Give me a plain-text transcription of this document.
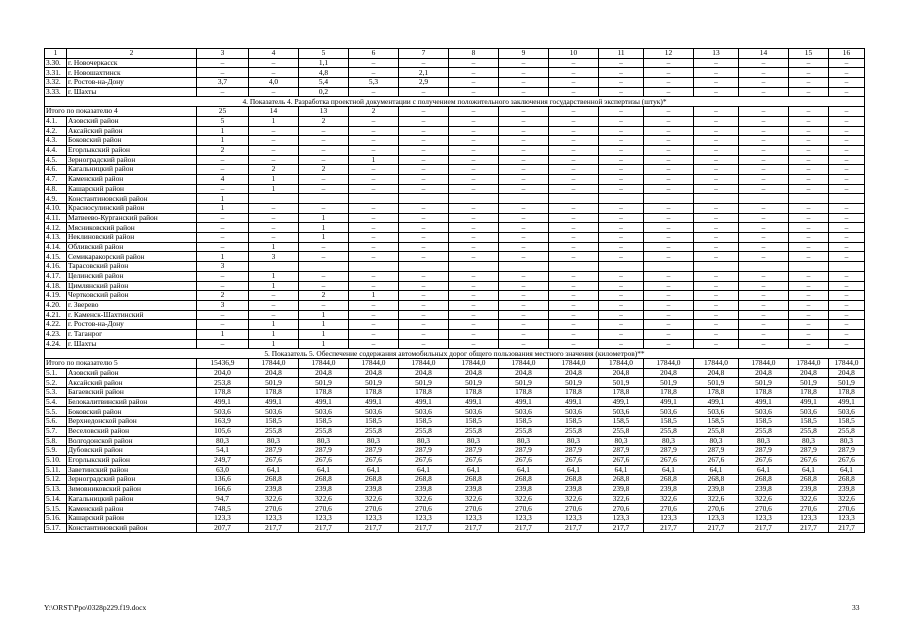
1	2	3	4	5	6	7	8	9	10	11	12	13	14	15	16
3.30.	г. Новочеркасск	–	–	1,1	–	–	–	–	–	–	–	–	–	–	–
3.31.	г. Новошахтинск	–	–	4,8	–	2,1	–	–	–	–	–	–	–	–	–
3.32.	г. Ростов-на-Дону	3,7	4,0	5,4	5,3	2,9	–	–	–	–	–	–	–	–	–
3.33.	г. Шахты	–	–	0,2	–	–	–	–	–	–	–	–	–	–	–
4. Показатель 4. Разработка проектной документации с получением положительного заключения государственной экспертизы (штук)*															
Итого по показателю 4		25	14	13	2	–	–	–	–	–	–	–	–	–	–
4.1.	Азовский район	5	1	2	–	–	–	–	–	–	–	–	–	–	–
4.2.	Аксайский район	1	–	–	–	–	–	–	–	–	–	–	–	–	–
4.3.	Боковский район	1	–	–	–	–	–	–	–	–	–	–	–	–	–
4.4.	Егорлыкский район	2	–	–	–	–	–	–	–	–	–	–	–	–	–
4.5.	Зерноградский район	–	–	–	1	–	–	–	–	–	–	–	–	–	–
4.6.	Кагальницкий район	–	2	2	–	–	–	–	–	–	–	–	–	–	–
4.7.	Каменский район	4	1	–	–	–	–	–	–	–	–	–	–	–	–
4.8.	Кашарский район	–	1	–	–	–	–	–	–	–	–	–	–	–	–
4.9.	Константиновский район	1													
4.10.	Красносулинский район	1	–	–	–	–	–	–	–	–	–	–	–	–	–
4.11.	Матвеево-Курганский район	–	–	1	–	–	–	–	–	–	–	–	–	–	–
4.12.	Мясниковский район	–	–	1	–	–	–	–	–	–	–	–	–	–	–
4.13.	Неклиновский район	–	–	1	–	–	–	–	–	–	–	–	–	–	–
4.14.	Обливский район	–	1	–	–	–	–	–	–	–	–	–	–	–	–
4.15.	Семикаракорский район	1	3	–	–	–	–	–	–	–	–	–	–	–	–
4.16.	Тарасовский район	3													
4.17.	Целинский район	–	1	–	–	–	–	–	–	–	–	–	–	–	–
4.18.	Цимлянский район	–	1	–	–	–	–	–	–	–	–	–	–	–	–
4.19.	Чертковский район	2	–	2	1	–	–	–	–	–	–	–	–	–	–
4.20.	г. Зверево	3	–	–	–	–	–	–	–	–	–	–	–	–	–
4.21.	г. Каменск-Шахтинский	–	–	1	–	–	–	–	–	–	–	–	–	–	–
4.22.	г. Ростов-на-Дону	–	1	1	–	–	–	–	–	–	–	–	–	–	–
4.23.	г. Таганрог	1	1	1	–	–	–	–	–	–	–	–	–	–	–
4.24.	г. Шахты	–	1	1	–	–	–	–	–	–	–	–	–	–	–
5. Показатель 5. Обеспечение содержания автомобильных дорог общего пользования местного значения (километров)**															
Итого по показателю 5		15436,9	17844,0	17844,0	17844,0	17844,0	17844,0	17844,0	17844,0	17844,0	17844,0	17844,0	17844,0	17844,0	17844,0
5.1.	Азовский район	204,0	204,8	204,8	204,8	204,8	204,8	204,8	204,8	204,8	204,8	204,8	204,8	204,8	204,8
5.2.	Аксайский район	253,8	501,9	501,9	501,9	501,9	501,9	501,9	501,9	501,9	501,9	501,9	501,9	501,9	501,9
5.3.	Багаевский район	178,8	178,8	178,8	178,8	178,8	178,8	178,8	178,8	178,8	178,8	178,8	178,8	178,8	178,8
5.4.	Белокалитвинский район	499,1	499,1	499,1	499,1	499,1	499,1	499,1	499,1	499,1	499,1	499,1	499,1	499,1	499,1
5.5.	Боковский район	503,6	503,6	503,6	503,6	503,6	503,6	503,6	503,6	503,6	503,6	503,6	503,6	503,6	503,6
5.6.	Верхнедонской район	163,9	158,5	158,5	158,5	158,5	158,5	158,5	158,5	158,5	158,5	158,5	158,5	158,5	158,5
5.7.	Веселовский район	105,6	255,8	255,8	255,8	255,8	255,8	255,8	255,8	255,8	255,8	255,8	255,8	255,8	255,8
5.8.	Волгодонской район	80,3	80,3	80,3	80,3	80,3	80,3	80,3	80,3	80,3	80,3	80,3	80,3	80,3	80,3
5.9.	Дубовский район	54,1	287,9	287,9	287,9	287,9	287,9	287,9	287,9	287,9	287,9	287,9	287,9	287,9	287,9
5.10.	Егорлыкский район	249,7	267,6	267,6	267,6	267,6	267,6	267,6	267,6	267,6	267,6	267,6	267,6	267,6	267,6
5.11.	Заветинский район	63,0	64,1	64,1	64,1	64,1	64,1	64,1	64,1	64,1	64,1	64,1	64,1	64,1	64,1
5.12.	Зерноградский район	136,6	268,8	268,8	268,8	268,8	268,8	268,8	268,8	268,8	268,8	268,8	268,8	268,8	268,8
5.13.	Зимовниковский район	166,6	239,8	239,8	239,8	239,8	239,8	239,8	239,8	239,8	239,8	239,8	239,8	239,8	239,8
5.14.	Кагальницкий район	94,7	322,6	322,6	322,6	322,6	322,6	322,6	322,6	322,6	322,6	322,6	322,6	322,6	322,6
5.15.	Каменский район	748,5	270,6	270,6	270,6	270,6	270,6	270,6	270,6	270,6	270,6	270,6	270,6	270,6	270,6
5.16.	Кашарский район	123,3	123,3	123,3	123,3	123,3	123,3	123,3	123,3	123,3	123,3	123,3	123,3	123,3	123,3
5.17.	Константиновский район	207,7	217,7	217,7	217,7	217,7	217,7	217,7	217,7	217,7	217,7	217,7	217,7	217,7	217,7
Y:\ORST\Ppo\0328p229.f19.docx	33
